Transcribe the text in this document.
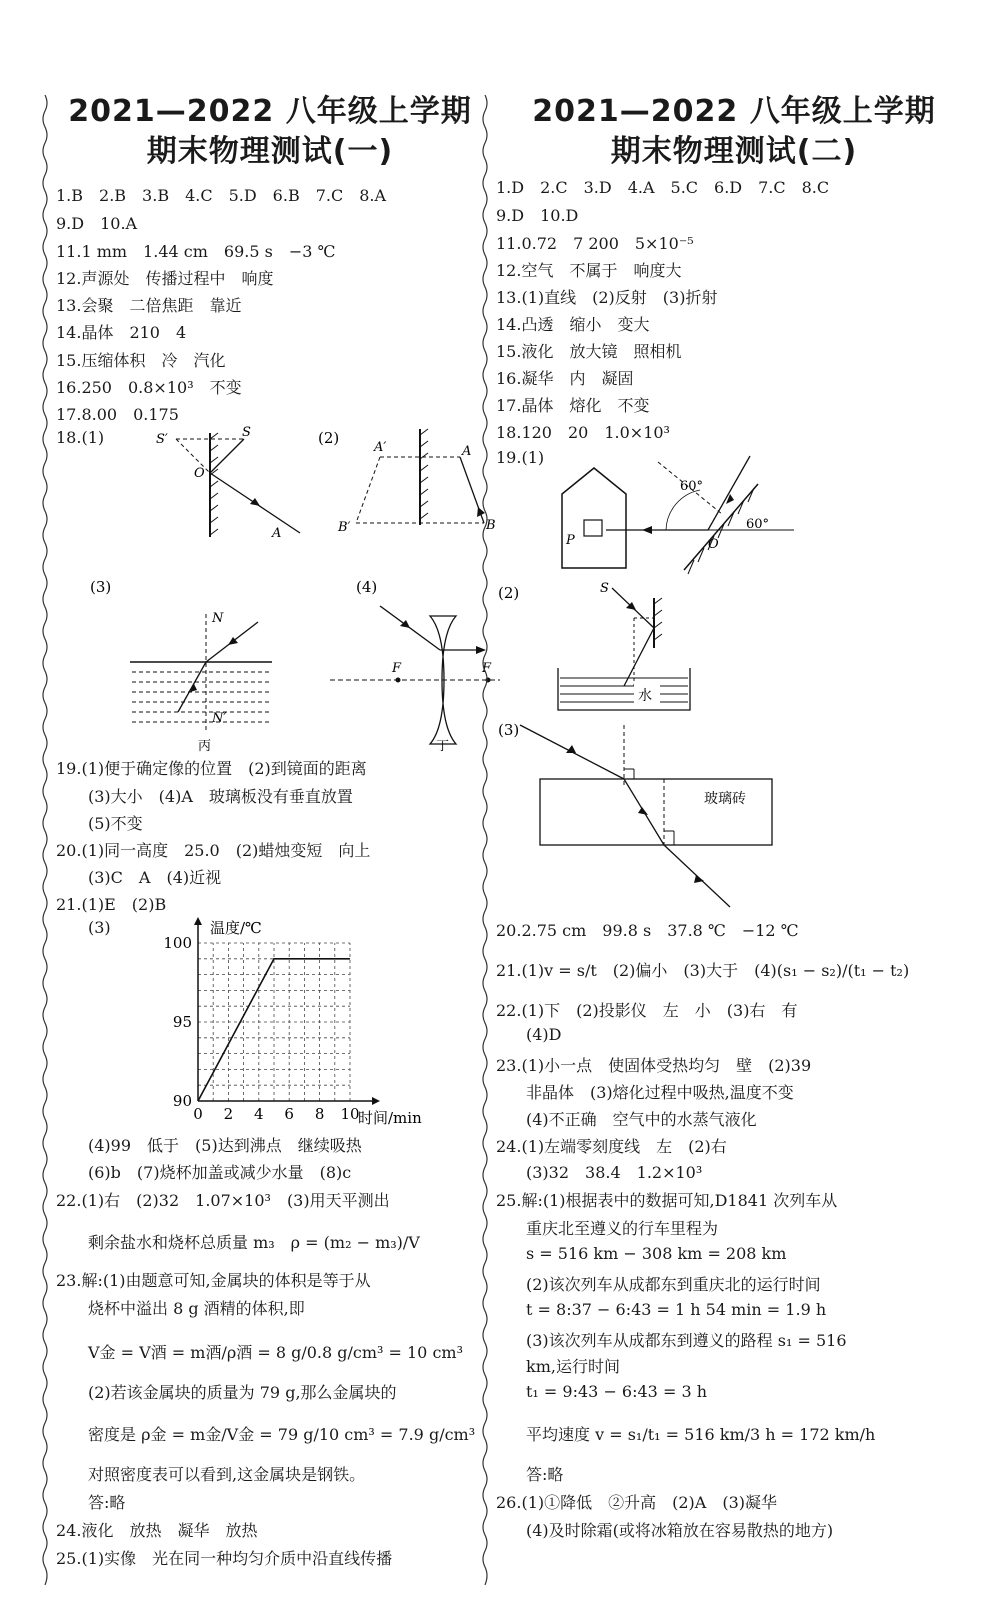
2021—2022 八年级上学期
期末物理测试(一)
1.B　2.B　3.B　4.C　5.D　6.B　7.C　8.A
9.D　10.A
11.1 mm　1.44 cm　69.5 s　−3 ℃
12.声源处　传播过程中　响度
13.会聚　二倍焦距　靠近
14.晶体　210　4
15.压缩体积　冷　汽化
16.250　0.8×10³　不变
17.8.00　0.175
18.(1)	S′	S
O
A
(2)
A′	A
B′	B
(3)
N
N′
丙
(4)
F	F
丁
19.(1)便于确定像的位置　(2)到镜面的距离
(3)大小　(4)A　玻璃板没有垂直放置
(5)不变
20.(1)同一高度　25.0　(2)蜡烛变短　向上
(3)C　A　(4)近视
21.(1)E　(2)B
(3)
0 2 4 6 8 10
90
95
100
时间/min
温度/℃
(4)99　低于　(5)达到沸点　继续吸热
(6)b　(7)烧杯加盖或减少水量　(8)c
22.(1)右　(2)32　1.07×10³　(3)用天平测出
剩余盐水和烧杯总质量 m₃　ρ = (m₂ − m₃)/V
23.解:(1)由题意可知,金属块的体积是等于从
烧杯中溢出 8 g 酒精的体积,即
V金 = V酒 = m酒/ρ酒 = 8 g/0.8 g/cm³ = 10 cm³
(2)若该金属块的质量为 79 g,那么金属块的
密度是 ρ金 = m金/V金 = 79 g/10 cm³ = 7.9 g/cm³
对照密度表可以看到,这金属块是钢铁。
答:略
24.液化　放热　凝华　放热
25.(1)实像　光在同一种均匀介质中沿直线传播
2021—2022 八年级上学期
期末物理测试(二)
1.D　2.C　3.D　4.A　5.C　6.D　7.C　8.C
9.D　10.D
11.0.72　7 200　5×10⁻⁵
12.空气　不属于　响度大
13.(1)直线　(2)反射　(3)折射
14.凸透　缩小　变大
15.液化　放大镜　照相机
16.凝华　内　凝固
17.晶体　熔化　不变
18.120　20　1.0×10³
19.(1)
P
60°
60°
O
(2)	S
水
(3)
玻璃砖
20.2.75 cm　99.8 s　37.8 ℃　−12 ℃
21.(1)v = s/t　(2)偏小　(3)大于　(4)(s₁ − s₂)/(t₁ − t₂)
22.(1)下　(2)投影仪　左　小　(3)右　有
(4)D
23.(1)小一点　使固体受热均匀　壁　(2)39
非晶体　(3)熔化过程中吸热,温度不变
(4)不正确　空气中的水蒸气液化
24.(1)左端零刻度线　左　(2)右
(3)32　38.4　1.2×10³
25.解:(1)根据表中的数据可知,D1841 次列车从
重庆北至遵义的行车里程为
s = 516 km − 308 km = 208 km
(2)该次列车从成都东到重庆北的运行时间
t = 8:37 − 6:43 = 1 h 54 min = 1.9 h
(3)该次列车从成都东到遵义的路程 s₁ = 516
km,运行时间
t₁ = 9:43 − 6:43 = 3 h
平均速度 v = s₁/t₁ = 516 km/3 h = 172 km/h
答:略
26.(1)①降低　②升高　(2)A　(3)凝华
(4)及时除霜(或将冰箱放在容易散热的地方)
